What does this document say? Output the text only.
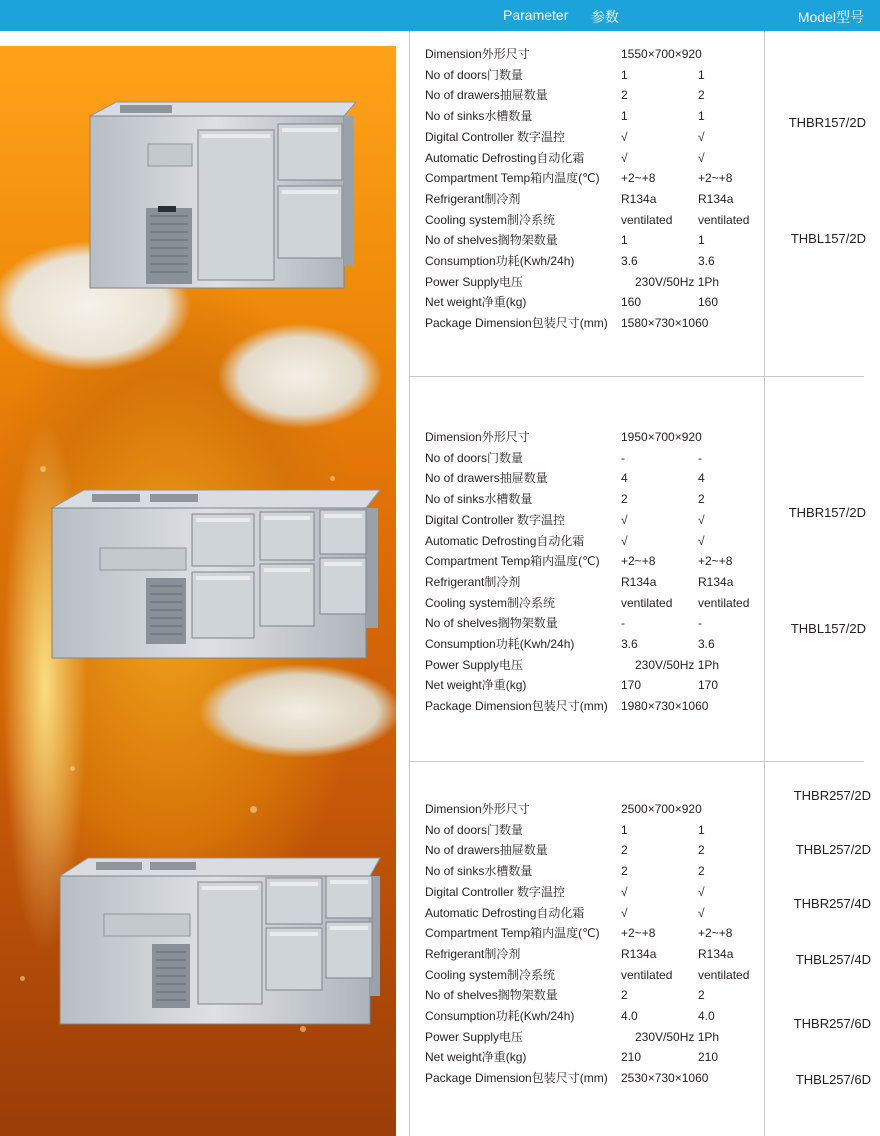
Parameter 参数	Model型号
Dimension外形尺寸	1550×700×920
No of doors门数量	1	1
No of drawers抽屉数量	2	2
No of sinks水槽数量	1	1
Digital Controller 数字温控	√	√
Automatic Defrosting自动化霜	√	√
Compartment Temp箱内温度(℃) +2~+8	+2~+8
Refrigerant制冷剂	R134a	R134a
Cooling system制冷系统	ventilated ventilated
No of shelves搁物架数量	1	1
Consumption功耗(Kwh/24h)	3.6	3.6
Power Supply电压	230V/50Hz 1Ph
Net weight净重(kg)	160	160
Package Dimension包装尺寸(mm) 1580×730×1060
THBR157/2D
THBL157/2D
Dimension外形尺寸	1950×700×920
No of doors门数量	-	-
No of drawers抽屉数量	4	4
No of sinks水槽数量	2	2
Digital Controller 数字温控	√	√
Automatic Defrosting自动化霜	√	√
Compartment Temp箱内温度(℃) +2~+8	+2~+8
Refrigerant制冷剂	R134a	R134a
Cooling system制冷系统	ventilated ventilated
No of shelves搁物架数量	-	-
Consumption功耗(Kwh/24h)	3.6	3.6
Power Supply电压	230V/50Hz 1Ph
Net weight净重(kg)	170	170
Package Dimension包装尺寸(mm) 1980×730×1060
THBR157/2D
THBL157/2D
Dimension外形尺寸	2500×700×920
No of doors门数量	1	1
No of drawers抽屉数量	2	2
No of sinks水槽数量	2	2
Digital Controller 数字温控	√	√
Automatic Defrosting自动化霜	√	√
Compartment Temp箱内温度(℃) +2~+8	+2~+8
Refrigerant制冷剂	R134a	R134a
Cooling system制冷系统	ventilated ventilated
No of shelves搁物架数量	2	2
Consumption功耗(Kwh/24h)	4.0	4.0
Power Supply电压	230V/50Hz 1Ph
Net weight净重(kg)	210	210
Package Dimension包装尺寸(mm) 2530×730×1060
THBR257/2D
THBL257/2D
THBR257/4D
THBL257/4D
THBR257/6D
THBL257/6D
